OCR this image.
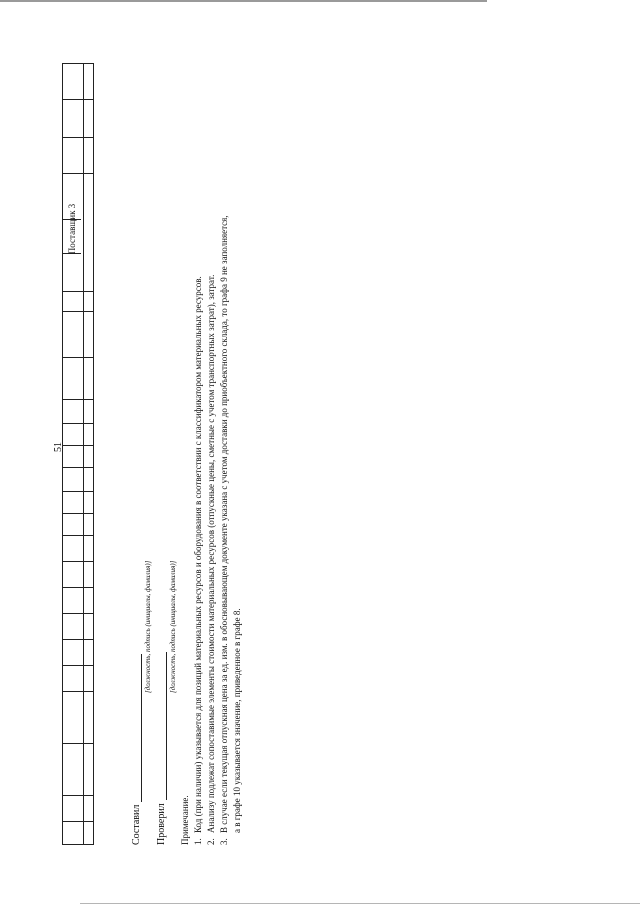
51
Поставщик 3
Составил
[должность, подпись (инициалы, фамилия)]
Проверил
[должность, подпись (инициалы, фамилия)]
Примечание. 1.Код (при наличии) указывается для позиций материальных ресурсов и оборудования в соответствии с классификатором материальных ресурсов.
2.Анализу подлежат сопоставимые элементы стоимости материальных ресурсов (отпускные цены, сметные с учетом транспортных затрат), затрат.
3.В случае если текущая отпускная цена за ед. изм. в обосновывающем документе указана с учетом доставки до приобъектного склада, то графа 9 не заполняется, а в графе 10 указывается значение, приведенное в графе 8.
